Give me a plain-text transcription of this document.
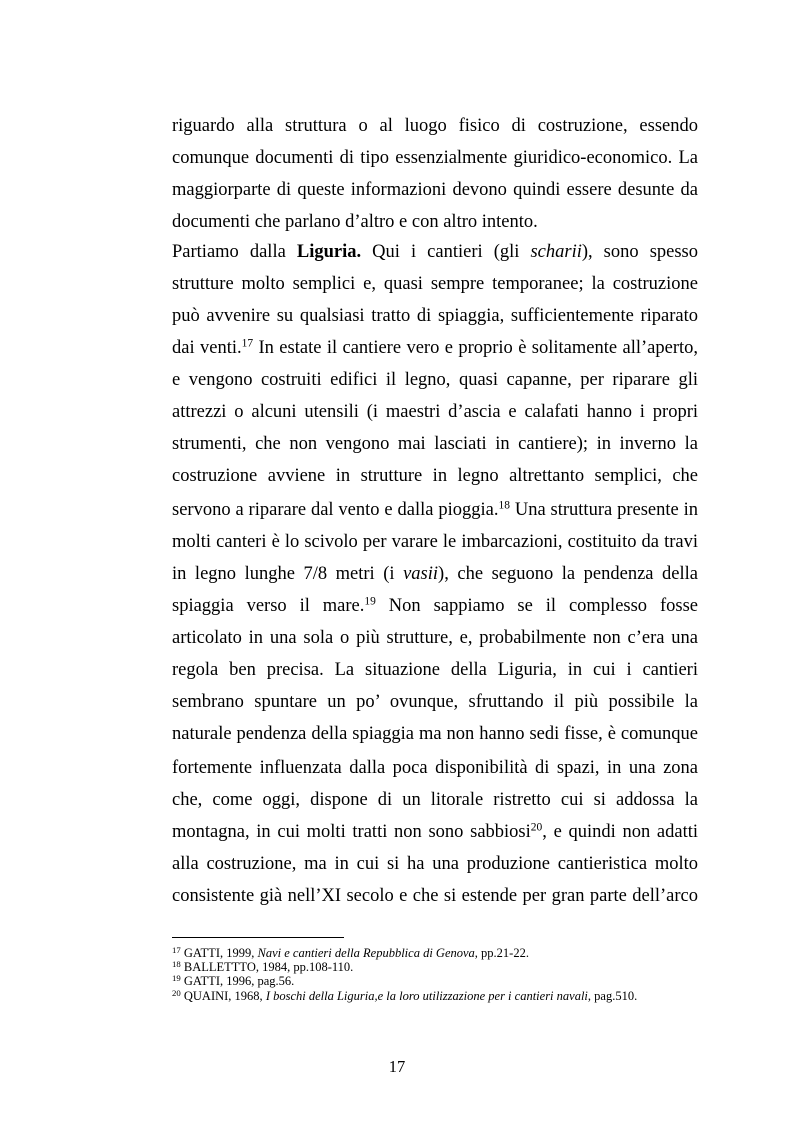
riguardo alla struttura o al luogo fisico di costruzione, essendo
comunque documenti di tipo essenzialmente giuridico-economico. La
maggiorparte di queste informazioni devono quindi essere desunte da
documenti che parlano d’altro e con altro intento.
Partiamo dalla Liguria. Qui i cantieri (gli scharii), sono spesso
strutture molto semplici e, quasi sempre temporanee; la costruzione
può avvenire su qualsiasi tratto di spiaggia, sufficientemente riparato
dai venti.$^{17}$ In estate il cantiere vero e proprio è solitamente all’aperto,
e vengono costruiti edifici il legno, quasi capanne, per riparare gli
attrezzi o alcuni utensili (i maestri d’ascia e calafati hanno i propri
strumenti, che non vengono mai lasciati in cantiere); in inverno la
costruzione avviene in strutture in legno altrettanto semplici, che
servono a riparare dal vento e dalla pioggia.$^{18}$ Una struttura presente in
molti canteri è lo scivolo per varare le imbarcazioni, costituito da travi
in legno lunghe 7/8 metri (i vasii), che seguono la pendenza della
spiaggia verso il mare.$^{19}$ Non sappiamo se il complesso fosse
articolato in una sola o più strutture, e, probabilmente non c’era una
regola ben precisa. La situazione della Liguria, in cui i cantieri
sembrano spuntare un po’ ovunque, sfruttando il più possibile la
naturale pendenza della spiaggia ma non hanno sedi fisse, è comunque
fortemente influenzata dalla poca disponibilità di spazi, in una zona
che, come oggi, dispone di un litorale ristretto cui si addossa la
montagna, in cui molti tratti non sono sabbiosi$^{20}$, e quindi non adatti
alla costruzione, ma in cui si ha una produzione cantieristica molto
consistente già nell’XI secolo e che si estende per gran parte dell’arco
$^{17}$ GATTI, 1999, Navi e cantieri della Repubblica di Genova, pp.21-22.
$^{18}$ BALLETTTO, 1984, pp.108-110.
$^{19}$ GATTI, 1996, pag.56.
$^{20}$ QUAINI, 1968, I boschi della Liguria,e la loro utilizzazione per i cantieri navali, pag.510.
17
